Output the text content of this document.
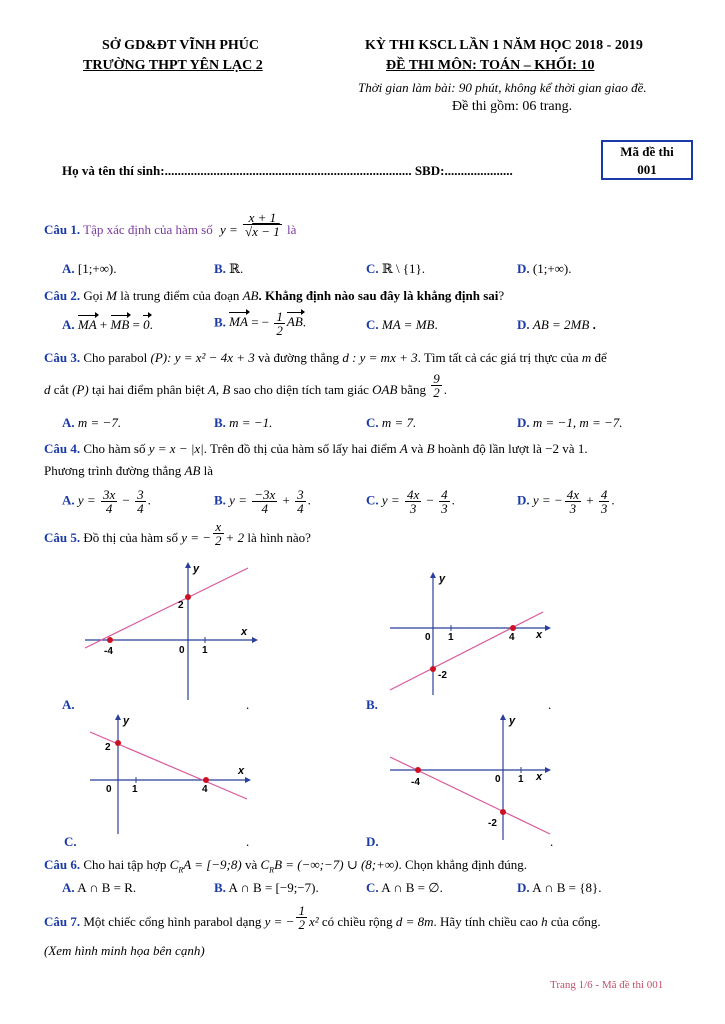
SỞ GD&ĐT VĨNH PHÚC
TRƯỜNG THPT YÊN LẠC 2
KỲ THI KSCL LẦN 1 NĂM HỌC 2018 - 2019
ĐỀ THI MÔN: TOÁN – KHỐI: 10
Thời gian làm bài: 90 phút, không kể thời gian giao đề.
Đề thi gồm: 06 trang.
Mã đề thi
001
Họ và tên thí sinh:............................................................................ SBD:.....................
Câu 1. Tập xác định của hàm số $y = \frac{x + 1}{√x - 1}$ là
A. [1;+∞).	B. ℝ.	C. ℝ \ {1}.	D. (1;+∞).
Câu 2. Gọi M là trung điểm của đoạn AB. Khẳng định nào sau đây là khẳng định sai?
A. MA + MB = 0.	B. MA = − $\frac{1}{2}$ AB.	C. MA = MB.	D. AB = 2MB .
Câu 3. Cho parabol (P): y = x² − 4x + 3 và đường thẳng d : y = mx + 3. Tìm tất cả các giá trị thực của m để
d cắt (P) tại hai điểm phân biệt A, B sao cho diện tích tam giác OAB bằng $\frac{9}{2}$ .
A. m = −7.	B. m = −1.	C. m = 7.	D. m = −1, m = −7.
Câu 4. Cho hàm số y = x − |x|. Trên đồ thị của hàm số lấy hai điểm A và B hoành độ lần lượt là −2 và 1.
Phương trình đường thẳng AB là
A. $y = \frac{3x}{4} - \frac{3}{4}$ .	B. $y = \frac{-3x}{4} + \frac{3}{4}$ .	C. $y = \frac{4x}{3} - \frac{4}{3}$ .	D. y = − $\frac{4x}{3} + \frac{4}{3}$ .
Câu 5. Đồ thị của hàm số y = − $\frac{x}{2} + 2$ là hình nào?
x
y
0 1
-4
2
A.	.
x
y
0 1	4
-2
B.	.
x
y
0 1	4
2
C.	.
x
y
0 1
-4
-2
D.	.
Câu 6. Cho hai tập hợp $C_RA$ = [−9;8) và $C_RB$ = (−∞;−7) ∪ (8;+∞). Chọn khẳng định đúng.
A. A ∩ B = R.	B. A ∩ B = [−9;−7).	C. A ∩ B = ∅.	D. A ∩ B = {8}.
Câu 7. Một chiếc cổng hình parabol dạng y = − $\frac{1}{2} x^2$ có chiều rộng d = 8m. Hãy tính chiều cao h của cổng.
(Xem hình minh họa bên cạnh)
Trang 1/6 - Mã đề thi 001
